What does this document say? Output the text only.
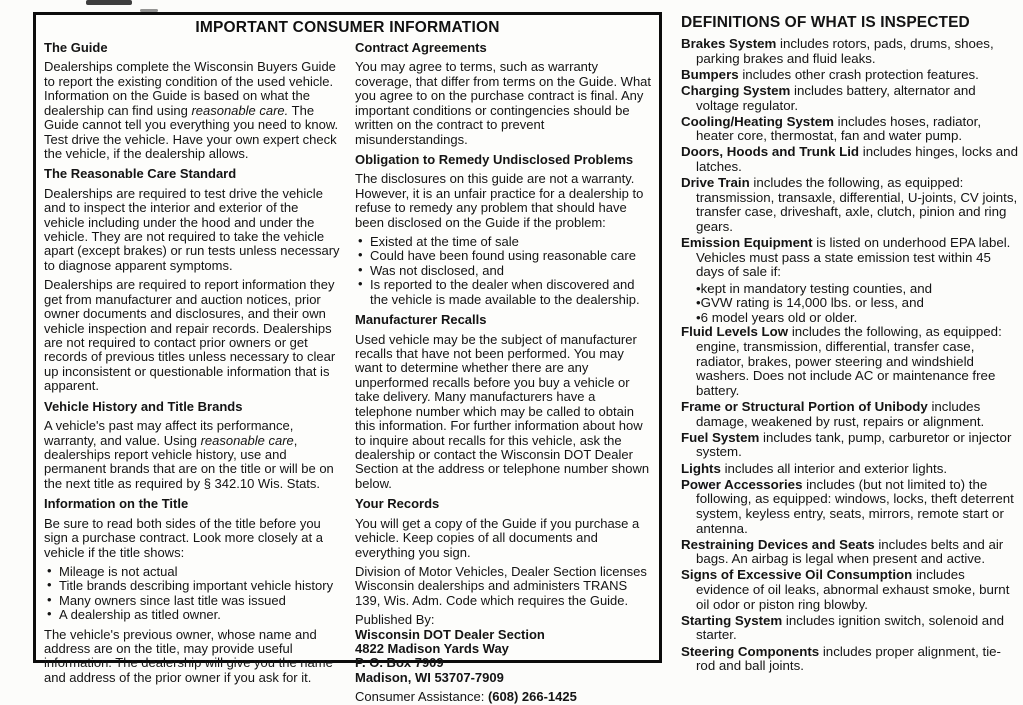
IMPORTANT CONSUMER INFORMATION
The Guide
Dealerships complete the Wisconsin Buyers Guide to report the existing condition of the used vehicle. Information on the Guide is based on what the dealership can find using reasonable care. The Guide cannot tell you everything you need to know. Test drive the vehicle. Have your own expert check the vehicle, if the dealership allows.
The Reasonable Care Standard
Dealerships are required to test drive the vehicle and to inspect the interior and exterior of the vehicle including under the hood and under the vehicle. They are not required to take the vehicle apart (except brakes) or run tests unless necessary to diagnose apparent symptoms.
Dealerships are required to report information they get from manufacturer and auction notices, prior owner documents and disclosures, and their own vehicle inspection and repair records. Dealerships are not required to contact prior owners or get records of previous titles unless necessary to clear up inconsistent or questionable information that is apparent.
Vehicle History and Title Brands
A vehicle's past may affect its performance, warranty, and value. Using reasonable care, dealerships report vehicle history, use and permanent brands that are on the title or will be on the next title as required by § 342.10 Wis. Stats.
Information on the Title
Be sure to read both sides of the title before you sign a purchase contract. Look more closely at a vehicle if the title shows:
• Mileage is not actual
• Title brands describing important vehicle history
• Many owners since last title was issued
• A dealership as titled owner.
The vehicle's previous owner, whose name and address are on the title, may provide useful information. The dealership will give you the name and address of the prior owner if you ask for it.
Contract Agreements
You may agree to terms, such as warranty coverage, that differ from terms on the Guide. What you agree to on the purchase contract is final. Any important conditions or contingencies should be written on the contract to prevent misunderstandings.
Obligation to Remedy Undisclosed Problems
The disclosures on this guide are not a warranty. However, it is an unfair practice for a dealership to refuse to remedy any problem that should have been disclosed on the Guide if the problem:
• Existed at the time of sale
• Could have been found using reasonable care
• Was not disclosed, and
• Is reported to the dealer when discovered and the vehicle is made available to the dealership.
Manufacturer Recalls
Used vehicle may be the subject of manufacturer recalls that have not been performed. You may want to determine whether there are any unperformed recalls before you buy a vehicle or take delivery. Many manufacturers have a telephone number which may be called to obtain this information. For further information about how to inquire about recalls for this vehicle, ask the dealership or contact the Wisconsin DOT Dealer Section at the address or telephone number shown below.
Your Records
You will get a copy of the Guide if you purchase a vehicle. Keep copies of all documents and everything you sign.
Division of Motor Vehicles, Dealer Section licenses Wisconsin dealerships and administers TRANS 139, Wis. Adm. Code which requires the Guide.
Published By:
Wisconsin DOT Dealer Section
4822 Madison Yards Way
P. O. Box 7909
Madison, WI 53707-7909
Consumer Assistance: (608) 266-1425
DEFINITIONS OF WHAT IS INSPECTED
Brakes System includes rotors, pads, drums, shoes, parking brakes and fluid leaks.
Bumpers includes other crash protection features.
Charging System includes battery, alternator and voltage regulator.
Cooling/Heating System includes hoses, radiator, heater core, thermostat, fan and water pump.
Doors, Hoods and Trunk Lid includes hinges, locks and latches.
Drive Train includes the following, as equipped: transmission, transaxle, differential, U-joints, CV joints, transfer case, driveshaft, axle, clutch, pinion and ring gears.
Emission Equipment is listed on underhood EPA label. Vehicles must pass a state emission test within 45 days of sale if:
•kept in mandatory testing counties, and
•GVW rating is 14,000 lbs. or less, and
•6 model years old or older.
Fluid Levels Low includes the following, as equipped: engine, transmission, differential, transfer case, radiator, brakes, power steering and windshield washers. Does not include AC or maintenance free battery.
Frame or Structural Portion of Unibody includes damage, weakened by rust, repairs or alignment.
Fuel System includes tank, pump, carburetor or injector system.
Lights includes all interior and exterior lights.
Power Accessories includes (but not limited to) the following, as equipped: windows, locks, theft deterrent system, keyless entry, seats, mirrors, remote start or antenna.
Restraining Devices and Seats includes belts and air bags. An airbag is legal when present and active.
Signs of Excessive Oil Consumption includes evidence of oil leaks, abnormal exhaust smoke, burnt oil odor or piston ring blowby.
Starting System includes ignition switch, solenoid and starter.
Steering Components includes proper alignment, tie-rod and ball joints.
